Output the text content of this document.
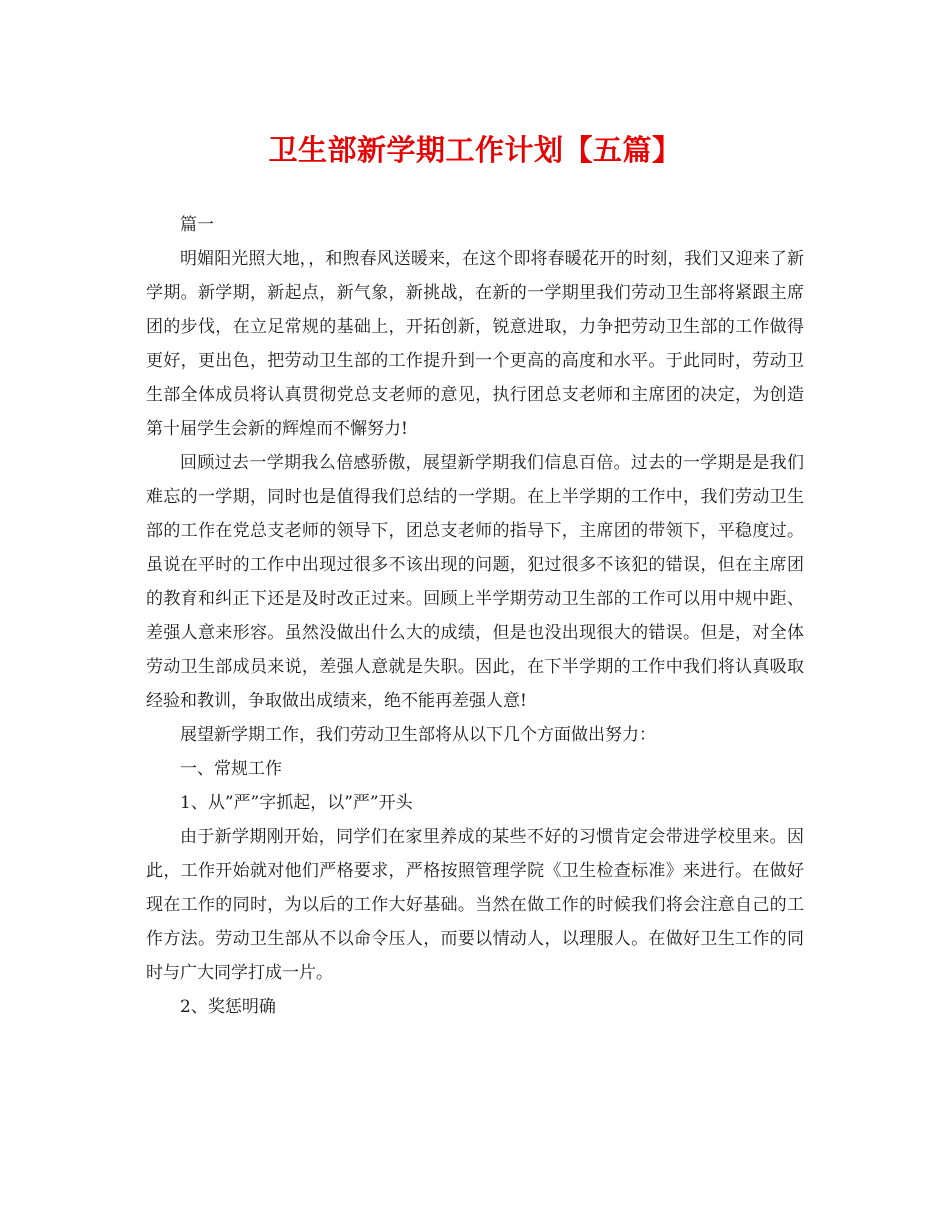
卫生部新学期工作计划【五篇】

篇一

明媚阳光照大地，，和煦春风送暖来，在这个即将春暖花开的时刻，我们又迎来了新学期。新学期，新起点，新气象，新挑战，在新的一学期里我们劳动卫生部将紧跟主席团的步伐，在立足常规的基础上，开拓创新，锐意进取，力争把劳动卫生部的工作做得更好，更出色，把劳动卫生部的工作提升到一个更高的高度和水平。于此同时，劳动卫生部全体成员将认真贯彻党总支老师的意见，执行团总支老师和主席团的决定，为创造第十届学生会新的辉煌而不懈努力!

回顾过去一学期我么倍感骄傲，展望新学期我们信息百倍。过去的一学期是是我们难忘的一学期，同时也是值得我们总结的一学期。在上半学期的工作中，我们劳动卫生部的工作在党总支老师的领导下，团总支老师的指导下，主席团的带领下，平稳度过。虽说在平时的工作中出现过很多不该出现的问题，犯过很多不该犯的错误，但在主席团的教育和纠正下还是及时改正过来。回顾上半学期劳动卫生部的工作可以用中规中距、差强人意来形容。虽然没做出什么大的成绩，但是也没出现很大的错误。但是，对全体劳动卫生部成员来说，差强人意就是失职。因此，在下半学期的工作中我们将认真吸取经验和教训，争取做出成绩来，绝不能再差强人意!

展望新学期工作，我们劳动卫生部将从以下几个方面做出努力：

一、常规工作

1、从”严”字抓起，以”严”开头

由于新学期刚开始，同学们在家里养成的某些不好的习惯肯定会带进学校里来。因此，工作开始就对他们严格要求，严格按照管理学院《卫生检查标准》来进行。在做好现在工作的同时，为以后的工作大好基础。当然在做工作的时候我们将会注意自己的工作方法。劳动卫生部从不以命令压人，而要以情动人，以理服人。在做好卫生工作的同时与广大同学打成一片。

2、奖惩明确
